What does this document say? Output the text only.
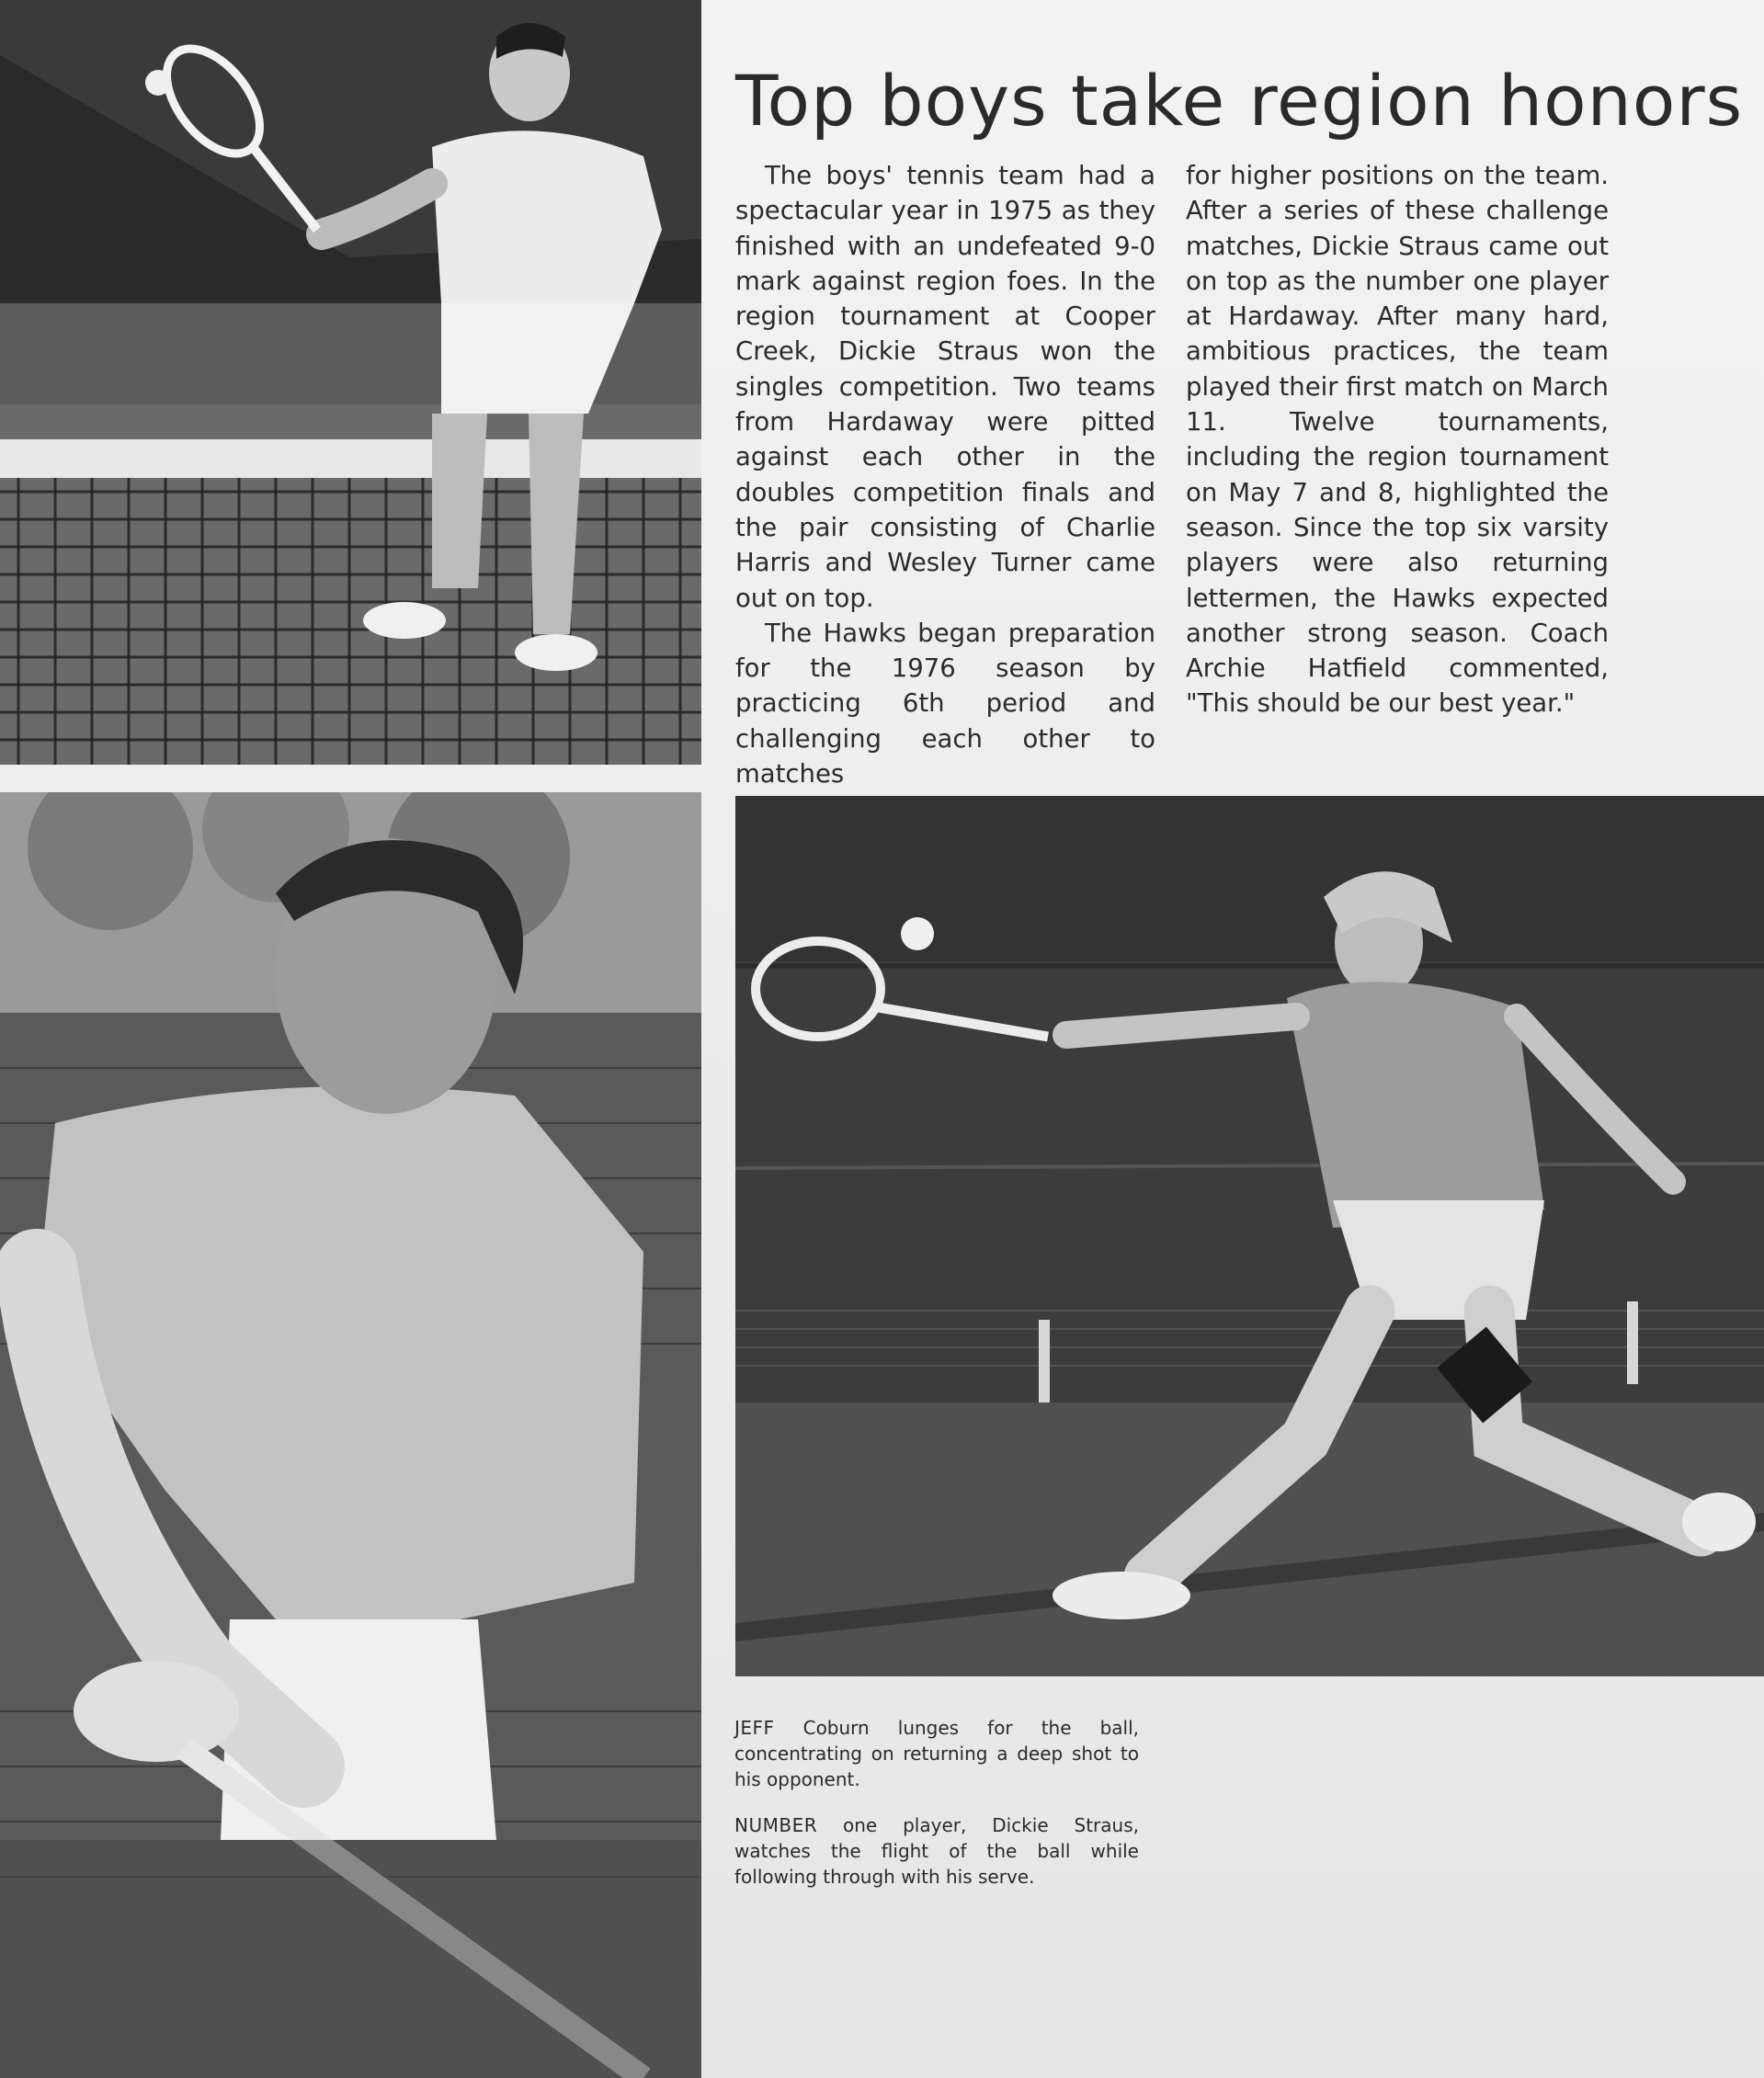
Top boys take region honors

The boys' tennis team had a spectacular year in 1975 as they finished with an undefeated 9-0 mark against region foes. In the region tournament at Cooper Creek, Dickie Straus won the singles competition. Two teams from Hardaway were pitted against each other in the doubles competition finals and the pair consisting of Charlie Harris and Wesley Turner came out on top.

The Hawks began preparation for the 1976 season by practicing 6th period and challenging each other to matches

for higher positions on the team. After a series of these challenge matches, Dickie Straus came out on top as the number one player at Hardaway. After many hard, ambitious practices, the team played their first match on March 11. Twelve tournaments, including the region tournament on May 7 and 8, highlighted the season. Since the top six varsity players were also returning lettermen, the Hawks expected another strong season. Coach Archie Hatfield commented, "This should be our best year."

JEFF Coburn lunges for the ball, concentrating on returning a deep shot to his opponent.

NUMBER one player, Dickie Straus, watches the flight of the ball while following through with his serve.
